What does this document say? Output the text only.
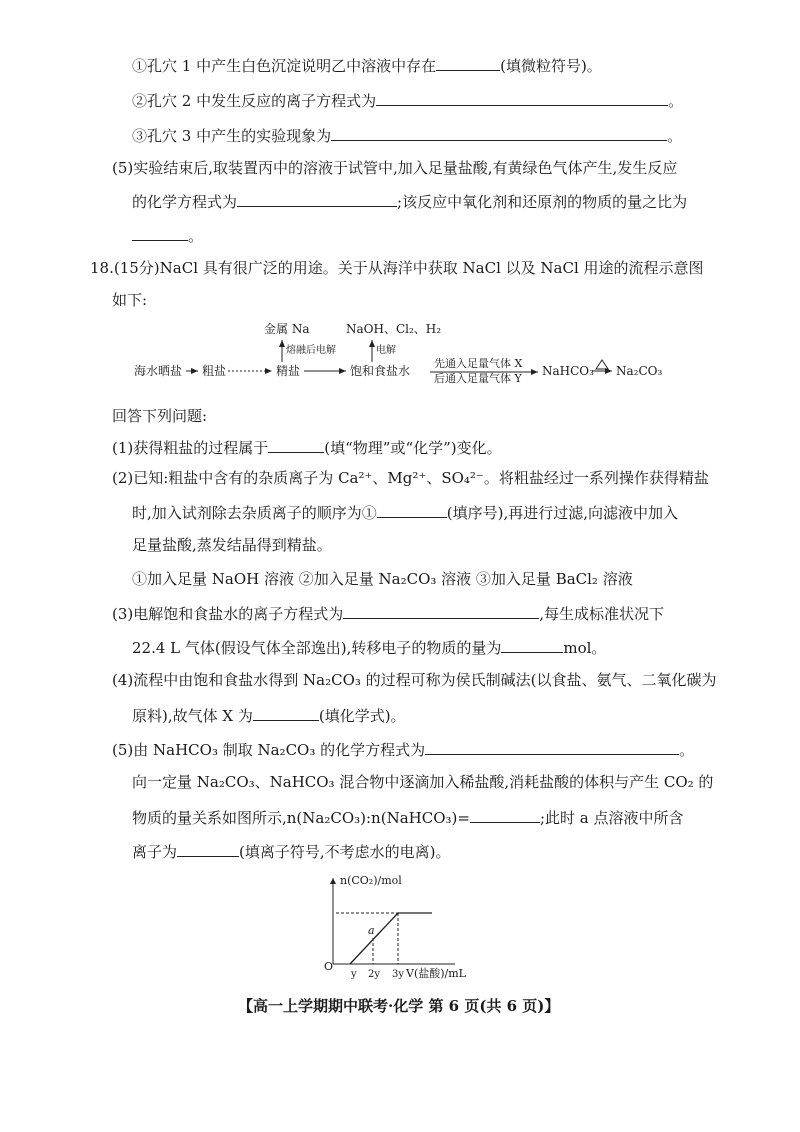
①孔穴 1 中产生白色沉淀说明乙中溶液中存在	(填微粒符号)。
②孔穴 2 中发生反应的离子方程式为	。
③孔穴 3 中产生的实验现象为	。
(5)实验结束后,取装置丙中的溶液于试管中,加入足量盐酸,有黄绿色气体产生,发生反应
的化学方程式为	;该反应中氧化剂和还原剂的物质的量之比为
。
18.(15分)NaCl 具有很广泛的用途。关于从海洋中获取 NaCl 以及 NaCl 用途的流程示意图
如下:
海水晒盐 粗盐	精盐
金属 Na
熔融后电解
饱和食盐水
NaOH、Cl₂、H₂
电解
先通入足量气体 X
后通入足量气体 Y
NaHCO₃ Na₂CO₃
回答下列问题:
(1)获得粗盐的过程属于	(填“物理”或“化学”)变化。
(2)已知:粗盐中含有的杂质离子为 Ca²⁺、Mg²⁺、SO₄²⁻。将粗盐经过一系列操作获得精盐
时,加入试剂除去杂质离子的顺序为①	(填序号),再进行过滤,向滤液中加入
足量盐酸,蒸发结晶得到精盐。
①加入足量 NaOH 溶液 ②加入足量 Na₂CO₃ 溶液 ③加入足量 BaCl₂ 溶液
(3)电解饱和食盐水的离子方程式为	,每生成标准状况下
22.4 L 气体(假设气体全部逸出),转移电子的物质的量为	mol。
(4)流程中由饱和食盐水得到 Na₂CO₃ 的过程可称为侯氏制碱法(以食盐、氨气、二氧化碳为
原料),故气体 X 为	(填化学式)。
(5)由 NaHCO₃ 制取 Na₂CO₃ 的化学方程式为	。
向一定量 Na₂CO₃、NaHCO₃ 混合物中逐滴加入稀盐酸,消耗盐酸的体积与产生 CO₂ 的
物质的量关系如图所示,n(Na₂CO₃):n(NaHCO₃)=	;此时 a 点溶液中所含
离子为	(填离子符号,不考虑水的电离)。
n(CO₂)/mol
O
a
y 2y 3y V(盐酸)/mL
【高一上学期期中联考·化学 第 6 页(共 6 页)】
